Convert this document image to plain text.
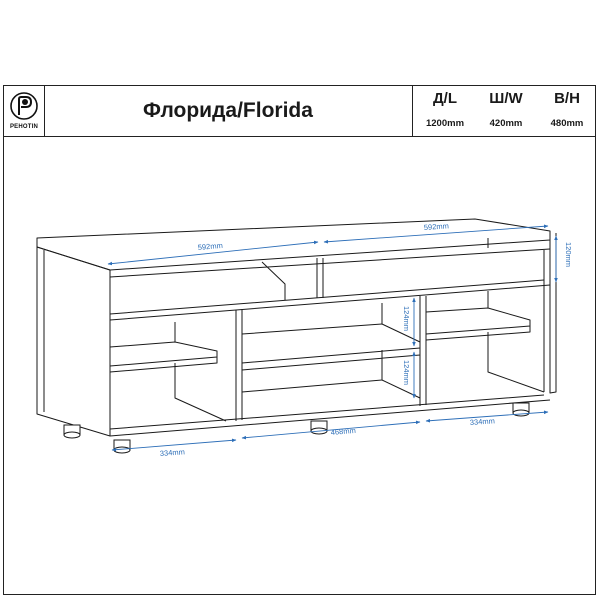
PEHOTIN
Флорида/Florida
Д/L
1200mm
Ш/W
420mm
В/Н
480mm
592mm
592mm
120mm
124mm
124mm
334mm
468mm
334mm
